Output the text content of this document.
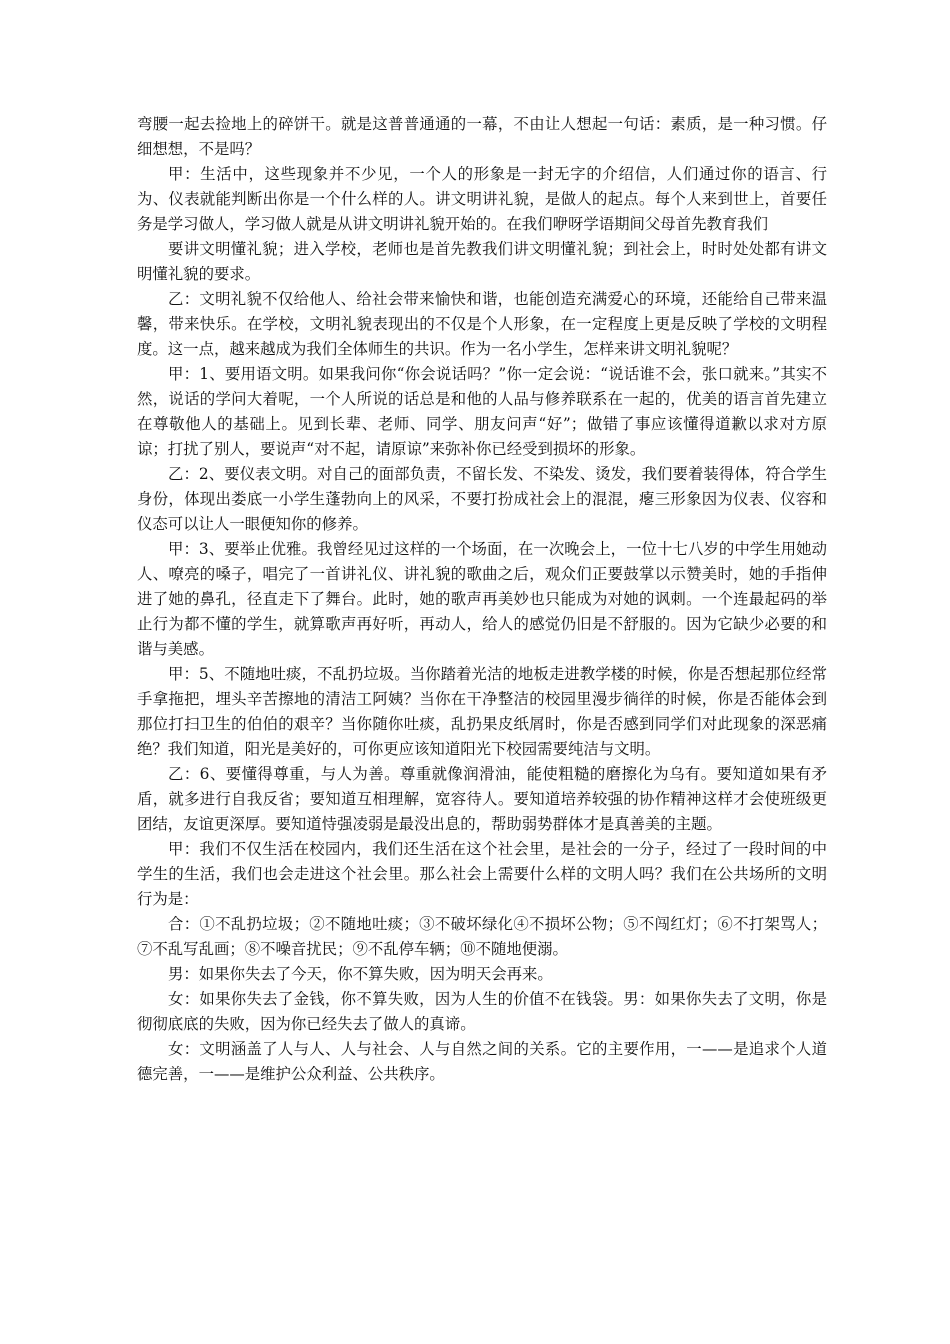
弯腰一起去捡地上的碎饼干。就是这普普通通的一幕，不由让人想起一句话：素质，是一种习惯。仔细想想，不是吗？

甲：生活中，这些现象并不少见，一个人的形象是一封无字的介绍信，人们通过你的语言、行为、仪表就能判断出你是一个什么样的人。讲文明讲礼貌，是做人的起点。每个人来到世上，首要任务是学习做人，学习做人就是从讲文明讲礼貌开始的。在我们咿呀学语期间父母首先教育我们

要讲文明懂礼貌；进入学校，老师也是首先教我们讲文明懂礼貌；到社会上，时时处处都有讲文明懂礼貌的要求。

乙：文明礼貌不仅给他人、给社会带来愉快和谐，也能创造充满爱心的环境，还能给自己带来温馨，带来快乐。在学校，文明礼貌表现出的不仅是个人形象，在一定程度上更是反映了学校的文明程度。这一点，越来越成为我们全体师生的共识。作为一名小学生，怎样来讲文明礼貌呢？

甲：1、要用语文明。如果我问你“你会说话吗？”你一定会说：“说话谁不会，张口就来。”其实不然，说话的学问大着呢，一个人所说的话总是和他的人品与修养联系在一起的，优美的语言首先建立在尊敬他人的基础上。见到长辈、老师、同学、朋友问声“好”；做错了事应该懂得道歉以求对方原谅；打扰了别人，要说声“对不起，请原谅”来弥补你已经受到损坏的形象。

乙：2、要仪表文明。对自己的面部负责，不留长发、不染发、烫发，我们要着装得体，符合学生身份，体现出娄底一小学生蓬勃向上的风采，不要打扮成社会上的混混，瘪三形象因为仪表、仪容和仪态可以让人一眼便知你的修养。

甲：3、要举止优雅。我曾经见过这样的一个场面，在一次晚会上，一位十七八岁的中学生用她动人、嘹亮的嗓子，唱完了一首讲礼仪、讲礼貌的歌曲之后，观众们正要鼓掌以示赞美时，她的手指伸进了她的鼻孔，径直走下了舞台。此时，她的歌声再美妙也只能成为对她的讽刺。一个连最起码的举止行为都不懂的学生，就算歌声再好听，再动人，给人的感觉仍旧是不舒服的。因为它缺少必要的和谐与美感。

甲：5、不随地吐痰，不乱扔垃圾。当你踏着光洁的地板走进教学楼的时候，你是否想起那位经常手拿拖把，埋头辛苦擦地的清洁工阿姨？当你在干净整洁的校园里漫步徜徉的时候，你是否能体会到那位打扫卫生的伯伯的艰辛？当你随你吐痰，乱扔果皮纸屑时，你是否感到同学们对此现象的深恶痛绝？我们知道，阳光是美好的，可你更应该知道阳光下校园需要纯洁与文明。

乙：6、要懂得尊重，与人为善。尊重就像润滑油，能使粗糙的磨擦化为乌有。要知道如果有矛盾，就多进行自我反省；要知道互相理解，宽容待人。要知道培养较强的协作精神这样才会使班级更团结，友谊更深厚。要知道恃强凌弱是最没出息的，帮助弱势群体才是真善美的主题。

甲：我们不仅生活在校园内，我们还生活在这个社会里，是社会的一分子，经过了一段时间的中学生的生活，我们也会走进这个社会里。那么社会上需要什么样的文明人吗？我们在公共场所的文明行为是：

合：①不乱扔垃圾；②不随地吐痰；③不破坏绿化④不损坏公物；⑤不闯红灯；⑥不打架骂人；⑦不乱写乱画；⑧不噪音扰民；⑨不乱停车辆；⑩不随地便溺。

男：如果你失去了今天，你不算失败，因为明天会再来。

女：如果你失去了金钱，你不算失败，因为人生的价值不在钱袋。男：如果你失去了文明，你是彻彻底底的失败，因为你已经失去了做人的真谛。

女：文明涵盖了人与人、人与社会、人与自然之间的关系。它的主要作用，一——是追求个人道德完善，一——是维护公众利益、公共秩序。
